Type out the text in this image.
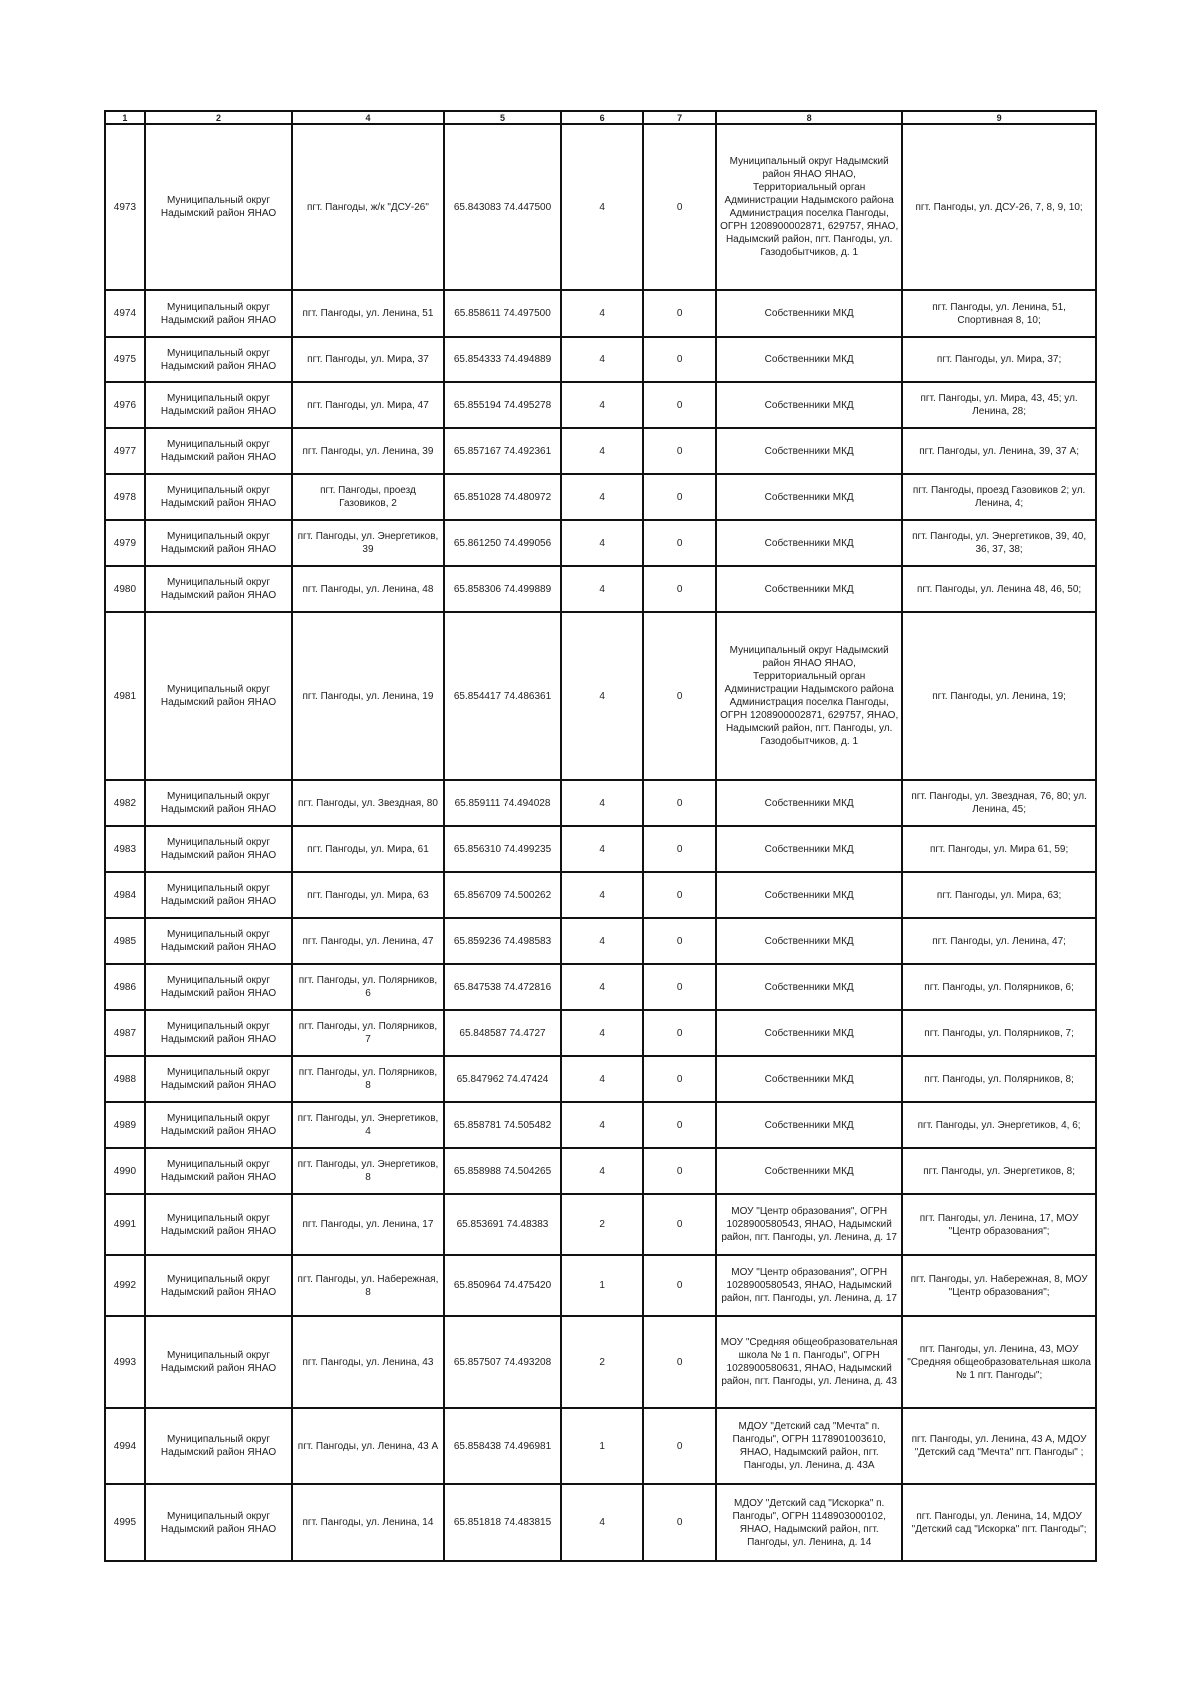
1	2	4	5	6	7	8	9
4973	Муниципальный округ Надымский район ЯНАО	пгт. Пангоды, ж/к "ДСУ-26"	65.843083 74.447500	4	0	Муниципальный округ Надымский район ЯНАО ЯНАО, Территориальный орган Администрации Надымского района Администрация поселка Пангоды, ОГРН 1208900002871, 629757, ЯНАО, Надымский район, пгт. Пангоды, ул. Газодобытчиков, д. 1	пгт. Пангоды, ул. ДСУ-26, 7, 8, 9, 10;
4974	Муниципальный округ Надымский район ЯНАО	пгт. Пангоды, ул. Ленина, 51	65.858611 74.497500	4	0	Собственники МКД	пгт. Пангоды, ул. Ленина, 51, Спортивная 8, 10;
4975	Муниципальный округ Надымский район ЯНАО	пгт. Пангоды, ул. Мира, 37	65.854333 74.494889	4	0	Собственники МКД	пгт. Пангоды, ул. Мира, 37;
4976	Муниципальный округ Надымский район ЯНАО	пгт. Пангоды, ул. Мира, 47	65.855194 74.495278	4	0	Собственники МКД	пгт. Пангоды, ул. Мира, 43, 45; ул. Ленина, 28;
4977	Муниципальный округ Надымский район ЯНАО	пгт. Пангоды, ул. Ленина, 39	65.857167 74.492361	4	0	Собственники МКД	пгт. Пангоды, ул. Ленина, 39, 37 А;
4978	Муниципальный округ Надымский район ЯНАО	пгт. Пангоды, проезд Газовиков, 2	65.851028 74.480972	4	0	Собственники МКД	пгт. Пангоды, проезд Газовиков 2; ул. Ленина, 4;
4979	Муниципальный округ Надымский район ЯНАО	пгт. Пангоды, ул. Энергетиков, 39	65.861250 74.499056	4	0	Собственники МКД	пгт. Пангоды, ул. Энергетиков, 39, 40, 36, 37, 38;
4980	Муниципальный округ Надымский район ЯНАО	пгт. Пангоды, ул. Ленина, 48	65.858306 74.499889	4	0	Собственники МКД	пгт. Пангоды, ул. Ленина 48, 46, 50;
4981	Муниципальный округ Надымский район ЯНАО	пгт. Пангоды, ул. Ленина, 19	65.854417 74.486361	4	0	Муниципальный округ Надымский район ЯНАО ЯНАО, Территориальный орган Администрации Надымского района Администрация поселка Пангоды, ОГРН 1208900002871, 629757, ЯНАО, Надымский район, пгт. Пангоды, ул. Газодобытчиков, д. 1	пгт. Пангоды, ул. Ленина, 19;
4982	Муниципальный округ Надымский район ЯНАО	пгт. Пангоды, ул. Звездная, 80	65.859111 74.494028	4	0	Собственники МКД	пгт. Пангоды, ул. Звездная, 76, 80; ул. Ленина, 45;
4983	Муниципальный округ Надымский район ЯНАО	пгт. Пангоды, ул. Мира, 61	65.856310 74.499235	4	0	Собственники МКД	пгт. Пангоды, ул. Мира 61, 59;
4984	Муниципальный округ Надымский район ЯНАО	пгт. Пангоды, ул. Мира, 63	65.856709 74.500262	4	0	Собственники МКД	пгт. Пангоды, ул. Мира, 63;
4985	Муниципальный округ Надымский район ЯНАО	пгт. Пангоды, ул. Ленина, 47	65.859236 74.498583	4	0	Собственники МКД	пгт. Пангоды, ул. Ленина, 47;
4986	Муниципальный округ Надымский район ЯНАО	пгт. Пангоды, ул. Полярников, 6	65.847538 74.472816	4	0	Собственники МКД	пгт. Пангоды, ул. Полярников, 6;
4987	Муниципальный округ Надымский район ЯНАО	пгт. Пангоды, ул. Полярников, 7	65.848587 74.4727	4	0	Собственники МКД	пгт. Пангоды, ул. Полярников, 7;
4988	Муниципальный округ Надымский район ЯНАО	пгт. Пангоды, ул. Полярников, 8	65.847962 74.47424	4	0	Собственники МКД	пгт. Пангоды, ул. Полярников, 8;
4989	Муниципальный округ Надымский район ЯНАО	пгт. Пангоды, ул. Энергетиков, 4	65.858781 74.505482	4	0	Собственники МКД	пгт. Пангоды, ул. Энергетиков, 4, 6;
4990	Муниципальный округ Надымский район ЯНАО	пгт. Пангоды, ул. Энергетиков, 8	65.858988 74.504265	4	0	Собственники МКД	пгт. Пангоды, ул. Энергетиков, 8;
4991	Муниципальный округ Надымский район ЯНАО	пгт. Пангоды, ул. Ленина, 17	65.853691 74.48383	2	0	МОУ "Центр образования", ОГРН 1028900580543, ЯНАО, Надымский район, пгт. Пангоды, ул. Ленина, д. 17	пгт. Пангоды, ул. Ленина, 17, МОУ "Центр образования";
4992	Муниципальный округ Надымский район ЯНАО	пгт. Пангоды, ул. Набережная, 8	65.850964 74.475420	1	0	МОУ "Центр образования", ОГРН 1028900580543, ЯНАО, Надымский район, пгт. Пангоды, ул. Ленина, д. 17	пгт. Пангоды, ул. Набережная, 8, МОУ "Центр образования";
4993	Муниципальный округ Надымский район ЯНАО	пгт. Пангоды, ул. Ленина, 43	65.857507 74.493208	2	0	МОУ "Средняя общеобразовательная школа № 1 п. Пангоды", ОГРН 1028900580631, ЯНАО, Надымский район, пгт. Пангоды, ул. Ленина, д. 43	пгт. Пангоды, ул. Ленина, 43, МОУ "Средняя общеобразовательная школа № 1 пгт. Пангоды";
4994	Муниципальный округ Надымский район ЯНАО	пгт. Пангоды, ул. Ленина, 43 А	65.858438 74.496981	1	0	МДОУ "Детский сад "Мечта" п. Пангоды", ОГРН 1178901003610, ЯНАО, Надымский район, пгт. Пангоды, ул. Ленина, д. 43А	пгт. Пангоды, ул. Ленина, 43 А, МДОУ "Детский сад "Мечта" пгт. Пангоды" ;
4995	Муниципальный округ Надымский район ЯНАО	пгт. Пангоды, ул. Ленина, 14	65.851818 74.483815	4	0	МДОУ "Детский сад "Искорка" п. Пангоды", ОГРН 1148903000102, ЯНАО, Надымский район, пгт. Пангоды, ул. Ленина, д. 14	пгт. Пангоды, ул. Ленина, 14, МДОУ "Детский сад "Искорка" пгт. Пангоды";
